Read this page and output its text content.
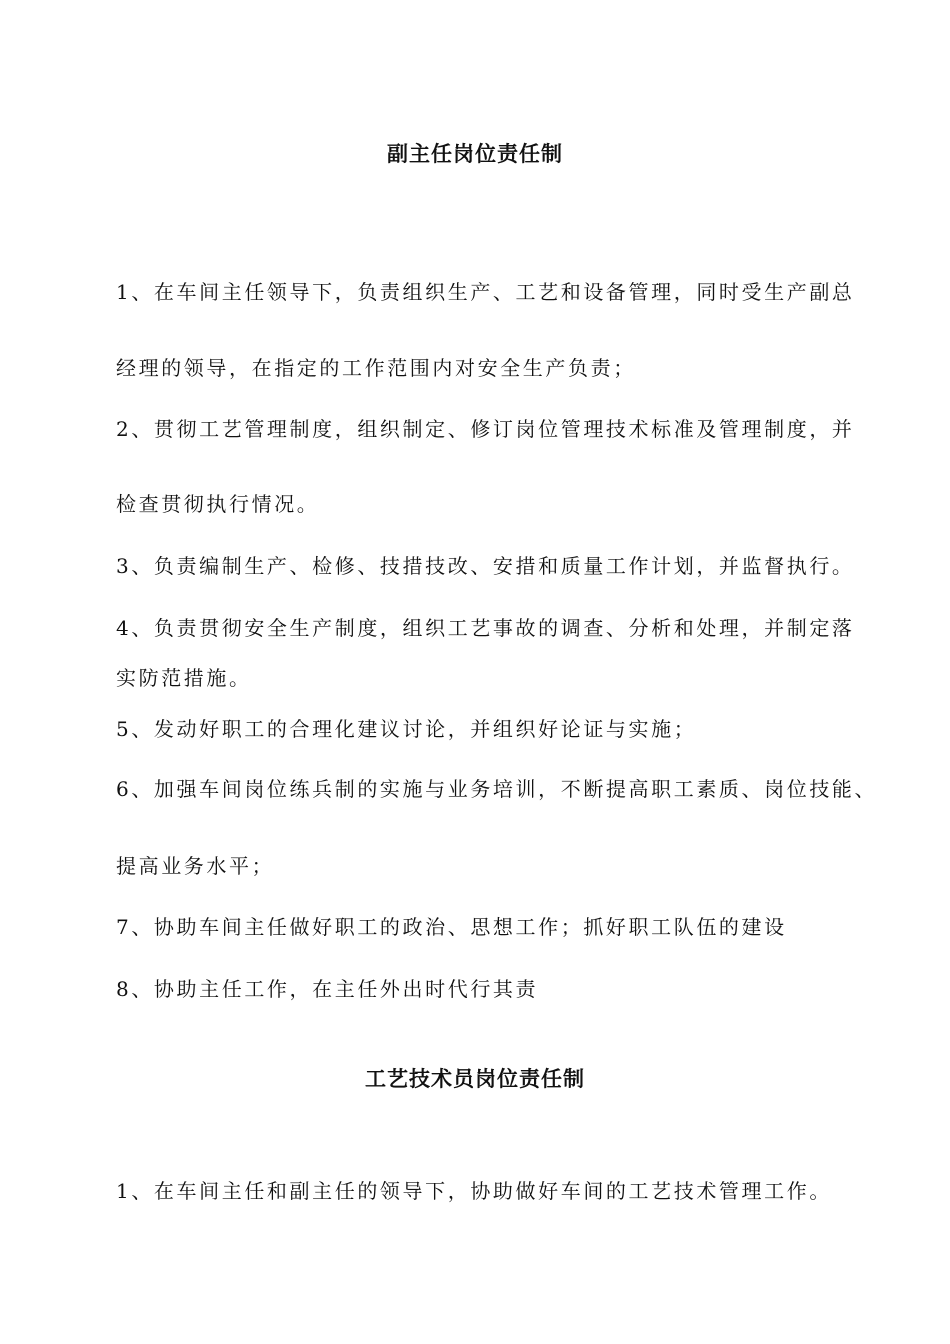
副主任岗位责任制
1、在车间主任领导下，负责组织生产、工艺和设备管理，同时受生产副总
经理的领导，在指定的工作范围内对安全生产负责；
2、贯彻工艺管理制度，组织制定、修订岗位管理技术标准及管理制度，并
检查贯彻执行情况。
3、负责编制生产、检修、技措技改、安措和质量工作计划，并监督执行。
4、负责贯彻安全生产制度，组织工艺事故的调查、分析和处理，并制定落
实防范措施。
5、发动好职工的合理化建议讨论，并组织好论证与实施；
6、加强车间岗位练兵制的实施与业务培训，不断提高职工素质、岗位技能、
提高业务水平；
7、协助车间主任做好职工的政治、思想工作；抓好职工队伍的建设
8、协助主任工作，在主任外出时代行其责
工艺技术员岗位责任制
1、在车间主任和副主任的领导下，协助做好车间的工艺技术管理工作。
